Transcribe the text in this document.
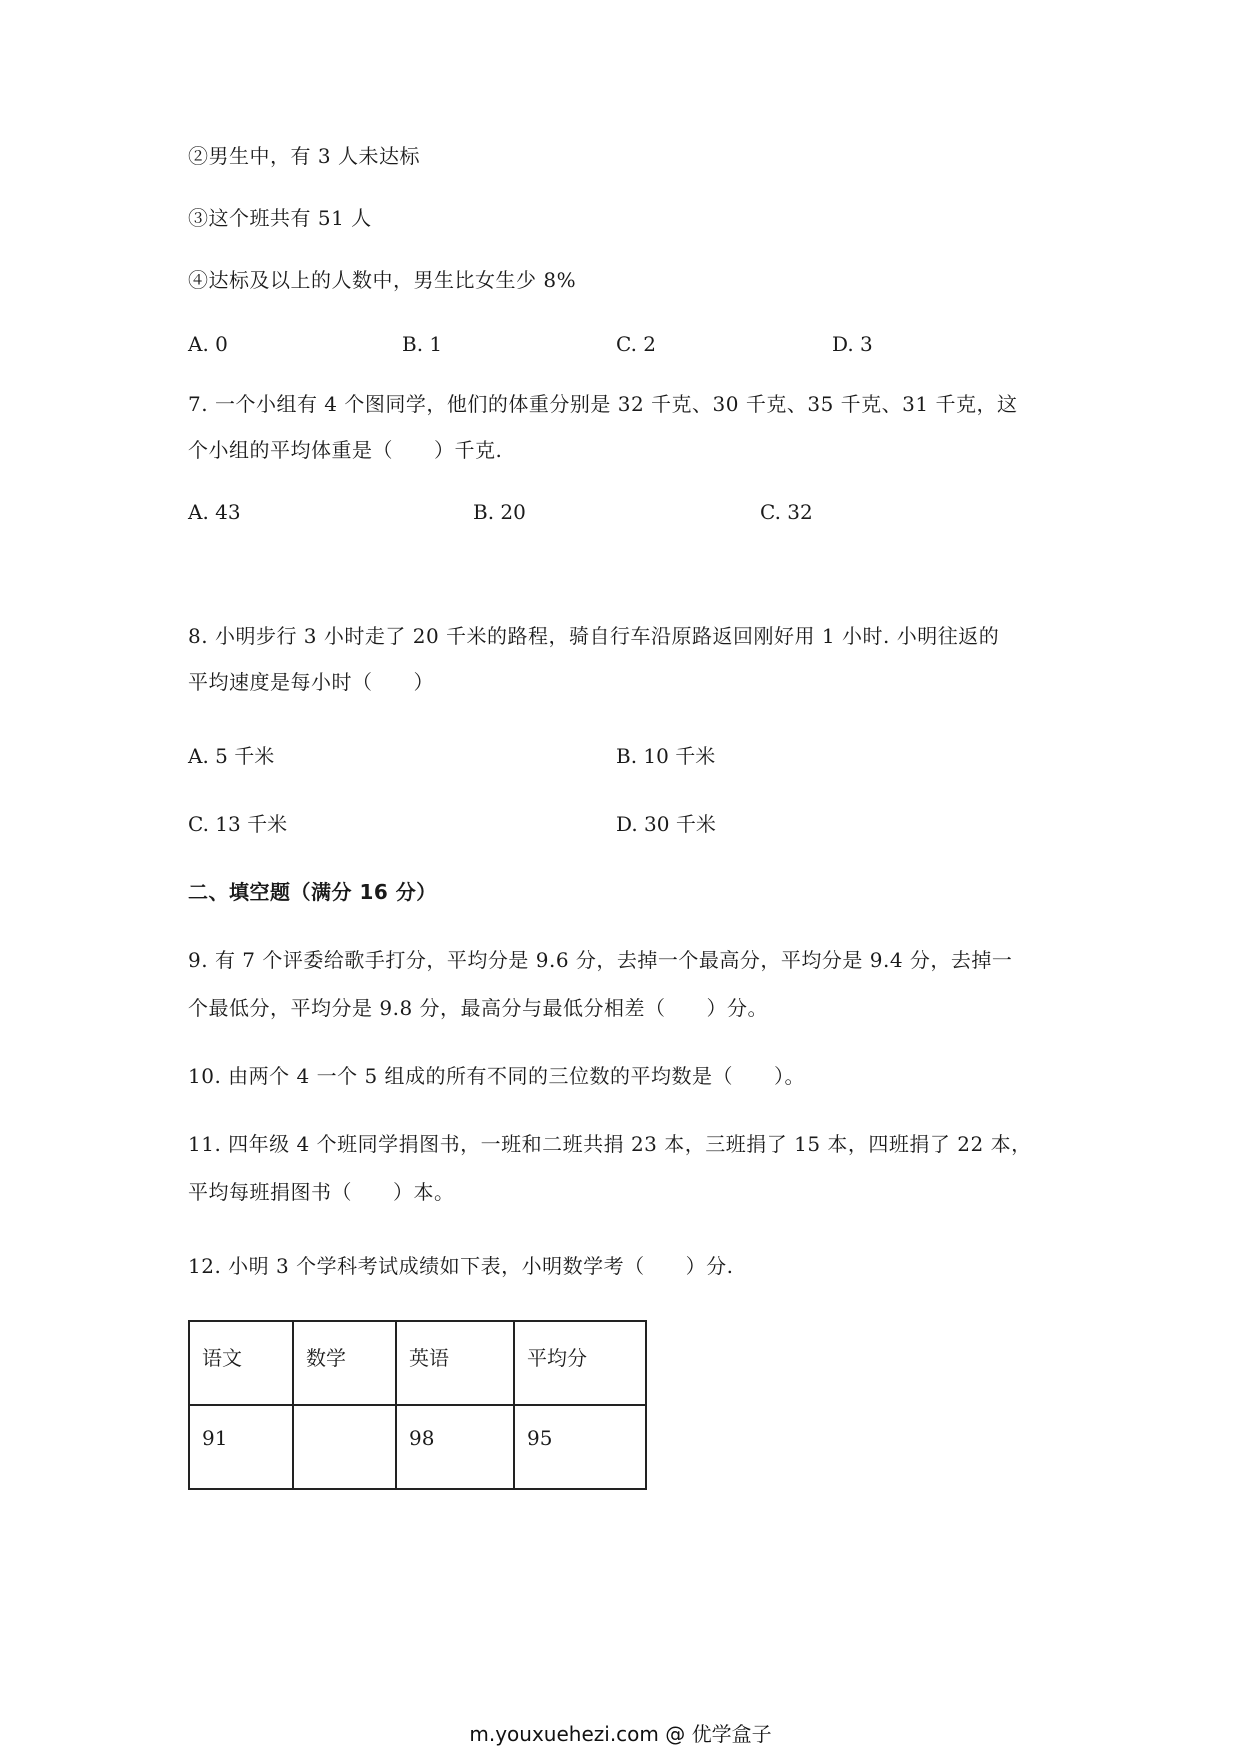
②男生中，有 3 人未达标
③这个班共有 51 人
④达标及以上的人数中，男生比女生少 8%
A. 0	B. 1	C. 2	D. 3
7. 一个小组有 4 个图同学，他们的体重分别是 32 千克、30 千克、35 千克、31 千克，这
个小组的平均体重是（　　）千克.
A. 43	B. 20	C. 32
8. 小明步行 3 小时走了 20 千米的路程，骑自行车沿原路返回刚好用 1 小时. 小明往返的
平均速度是每小时（　　）
A. 5 千米	B. 10 千米
C. 13 千米	D. 30 千米
二、填空题（满分 16 分）
9. 有 7 个评委给歌手打分，平均分是 9.6 分，去掉一个最高分，平均分是 9.4 分，去掉一
个最低分，平均分是 9.8 分，最高分与最低分相差（　　）分。
10. 由两个 4 一个 5 组成的所有不同的三位数的平均数是（　　）。
11. 四年级 4 个班同学捐图书，一班和二班共捐 23 本，三班捐了 15 本，四班捐了 22 本，
平均每班捐图书（　　）本。
12. 小明 3 个学科考试成绩如下表，小明数学考（　　）分.
语文	数学	英语	平均分
91		98	95
m.youxuehezi.com @ 优学盒子
